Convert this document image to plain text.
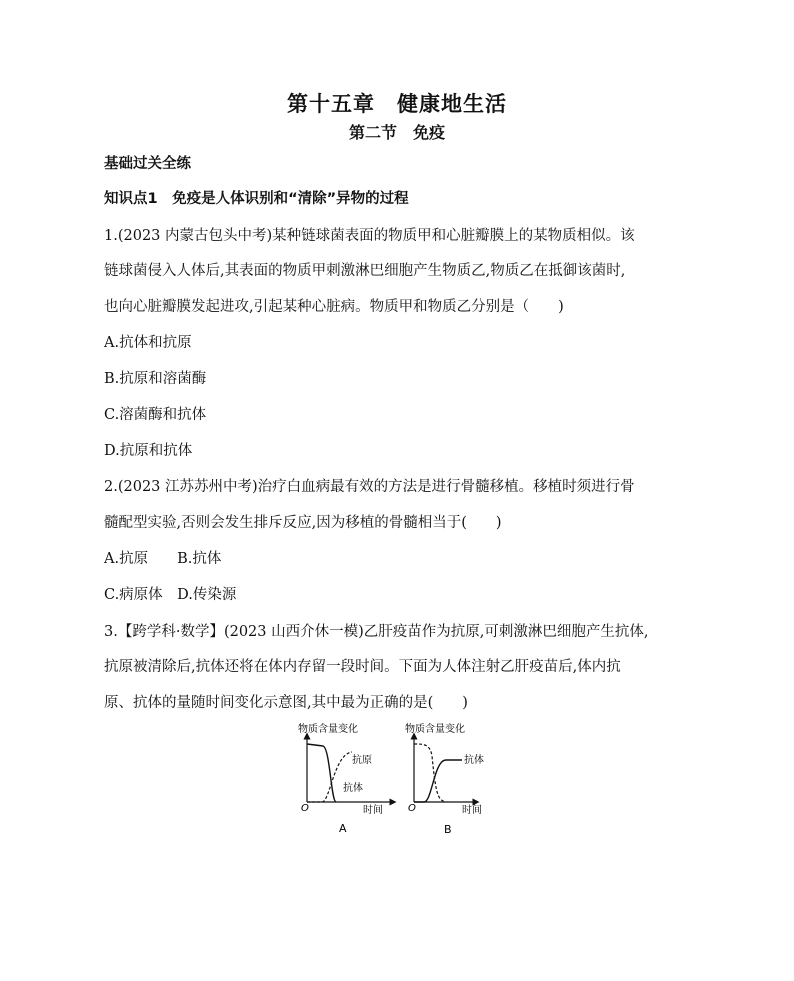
第十五章　健康地生活
第二节　免疫
基础过关全练
知识点1　免疫是人体识别和“清除”异物的过程
1.(2023 内蒙古包头中考)某种链球菌表面的物质甲和心脏瓣膜上的某物质相似。该
链球菌侵入人体后,其表面的物质甲刺激淋巴细胞产生物质乙,物质乙在抵御该菌时,
也向心脏瓣膜发起进攻,引起某种心脏病。物质甲和物质乙分别是（　　)
A.抗体和抗原
B.抗原和溶菌酶
C.溶菌酶和抗体
D.抗原和抗体
2.(2023 江苏苏州中考)治疗白血病最有效的方法是进行骨髓移植。移植时须进行骨
髓配型实验,否则会发生排斥反应,因为移植的骨髓相当于(　　)
A.抗原　　B.抗体
C.病原体　D.传染源
3.【跨学科·数学】(2023 山西介休一模)乙肝疫苗作为抗原,可刺激淋巴细胞产生抗体,
抗原被清除后,抗体还将在体内存留一段时间。下面为人体注射乙肝疫苗后,体内抗
原、抗体的量随时间变化示意图,其中最为正确的是(　　)
物质含量变化
抗原
抗体
O	时间
A
物质含量变化
抗体
O	时间
B
